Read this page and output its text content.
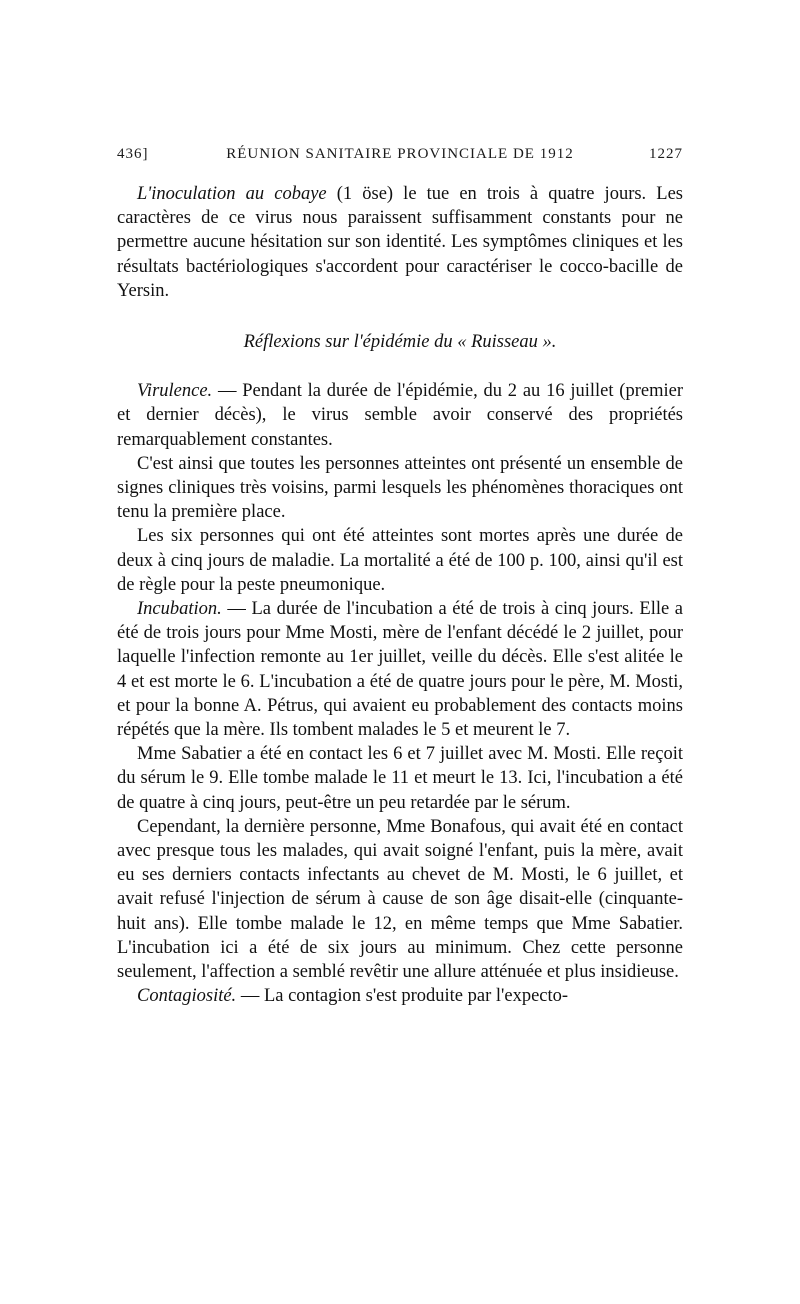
436]	RÉUNION SANITAIRE PROVINCIALE DE 1912	1227

L'inoculation au cobaye (1 öse) le tue en trois à quatre jours. Les caractères de ce virus nous paraissent suffisamment constants pour ne permettre aucune hésitation sur son identité. Les symptômes cliniques et les résultats bactériologiques s'accordent pour caractériser le cocco-bacille de Yersin.

Réflexions sur l'épidémie du « Ruisseau ».

Virulence. — Pendant la durée de l'épidémie, du 2 au 16 juillet (premier et dernier décès), le virus semble avoir conservé des propriétés remarquablement constantes.

C'est ainsi que toutes les personnes atteintes ont présenté un ensemble de signes cliniques très voisins, parmi lesquels les phénomènes thoraciques ont tenu la première place.

Les six personnes qui ont été atteintes sont mortes après une durée de deux à cinq jours de maladie. La mortalité a été de 100 p. 100, ainsi qu'il est de règle pour la peste pneumonique.

Incubation. — La durée de l'incubation a été de trois à cinq jours. Elle a été de trois jours pour Mme Mosti, mère de l'enfant décédé le 2 juillet, pour laquelle l'infection remonte au 1er juillet, veille du décès. Elle s'est alitée le 4 et est morte le 6. L'incubation a été de quatre jours pour le père, M. Mosti, et pour la bonne A. Pétrus, qui avaient eu probablement des contacts moins répétés que la mère. Ils tombent malades le 5 et meurent le 7.

Mme Sabatier a été en contact les 6 et 7 juillet avec M. Mosti. Elle reçoit du sérum le 9. Elle tombe malade le 11 et meurt le 13. Ici, l'incubation a été de quatre à cinq jours, peut-être un peu retardée par le sérum.

Cependant, la dernière personne, Mme Bonafous, qui avait été en contact avec presque tous les malades, qui avait soigné l'enfant, puis la mère, avait eu ses derniers contacts infectants au chevet de M. Mosti, le 6 juillet, et avait refusé l'injection de sérum à cause de son âge disait-elle (cinquante-huit ans). Elle tombe malade le 12, en même temps que Mme Sabatier. L'incubation ici a été de six jours au minimum. Chez cette personne seulement, l'affection a semblé revêtir une allure atténuée et plus insidieuse.

Contagiosité. — La contagion s'est produite par l'expecto-
